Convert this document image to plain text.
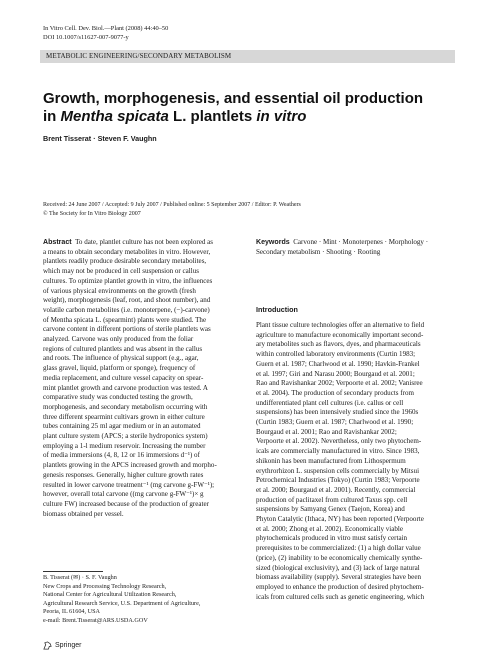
In Vitro Cell. Dev. Biol.—Plant (2008) 44:40–50
DOI 10.1007/s11627-007-9077-y
METABOLIC ENGINEERING/SECONDARY METABOLISM
Growth, morphogenesis, and essential oil production
in Mentha spicata L. plantlets in vitro
Brent Tisserat · Steven F. Vaughn
Received: 24 June 2007 / Accepted: 9 July 2007 / Published online: 5 September 2007 / Editor: P. Weathers
© The Society for In Vitro Biology 2007
Abstract To date, plantlet culture has not been explored as
a means to obtain secondary metabolites in vitro. However,
plantlets readily produce desirable secondary metabolites,
which may not be produced in cell suspension or callus
cultures. To optimize plantlet growth in vitro, the influences
of various physical environments on the growth (fresh
weight), morphogenesis (leaf, root, and shoot number), and
volatile carbon metabolites (i.e. monoterpene, (−)-carvone)
of Mentha spicata L. (spearmint) plants were studied. The
carvone content in different portions of sterile plantlets was
analyzed. Carvone was only produced from the foliar
regions of cultured plantlets and was absent in the callus
and roots. The influence of physical support (e.g., agar,
glass gravel, liquid, platform or sponge), frequency of
media replacement, and culture vessel capacity on spear-
mint plantlet growth and carvone production was tested. A
comparative study was conducted testing the growth,
morphogenesis, and secondary metabolism occurring with
three different spearmint cultivars grown in either culture
tubes containing 25 ml agar medium or in an automated
plant culture system (APCS; a sterile hydroponics system)
employing a 1-l medium reservoir. Increasing the number
of media immersions (4, 8, 12 or 16 immersions d⁻¹) of
plantlets growing in the APCS increased growth and morpho-
genesis responses. Generally, higher culture growth rates
resulted in lower carvone treatment⁻¹ (mg carvone g-FW⁻¹);
however, overall total carvone ((mg carvone g-FW⁻¹)× g
culture FW) increased because of the production of greater
biomass obtained per vessel.
Keywords Carvone · Mint · Monoterpenes · Morphology ·
Secondary metabolism · Shooting · Rooting
Introduction
Plant tissue culture technologies offer an alternative to field
agriculture to manufacture economically important second-
ary metabolites such as flavors, dyes, and pharmaceuticals
within controlled laboratory environments (Curtin 1983;
Guern et al. 1987; Charlwood et al. 1990; Havkin-Frankel
et al. 1997; Giri and Narasu 2000; Bourgaud et al. 2001;
Rao and Ravishankar 2002; Verpoorte et al. 2002; Vanisree
et al. 2004). The production of secondary products from
undifferentiated plant cell cultures (i.e. callus or cell
suspensions) has been intensively studied since the 1960s
(Curtin 1983; Guern et al. 1987; Charlwood et al. 1990;
Bourgaud et al. 2001; Rao and Ravishankar 2002;
Verpoorte et al. 2002). Nevertheless, only two phytochem-
icals are commercially manufactured in vitro. Since 1983,
shikonin has been manufactured from Lithospermum
erythrorhizon L. suspension cells commercially by Mitsui
Petrochemical Industries (Tokyo) (Curtin 1983; Verpoorte
et al. 2000; Bourgaud et al. 2001). Recently, commercial
production of paclitaxel from cultured Taxus spp. cell
suspensions by Samyang Genex (Taejon, Korea) and
Phyton Catalytic (Ithaca, NY) has been reported (Verpoorte
et al. 2000; Zhong et al. 2002). Economically viable
phytochemicals produced in vitro must satisfy certain
prerequisites to be commercialized: (1) a high dollar value
(price), (2) inability to be economically chemically synthe-
sized (biological exclusivity), and (3) lack of large natural
biomass availability (supply). Several strategies have been
employed to enhance the production of desired phytochem-
icals from cultured cells such as genetic engineering, which
B. Tisserat (✉) · S. F. Vaughn
New Crops and Processing Technology Research,
National Center for Agricultural Utilization Research,
Agricultural Research Service, U.S. Department of Agriculture,
Peoria, IL 61604, USA
e-mail: Brent.Tisserat@ARS.USDA.GOV
Springer
